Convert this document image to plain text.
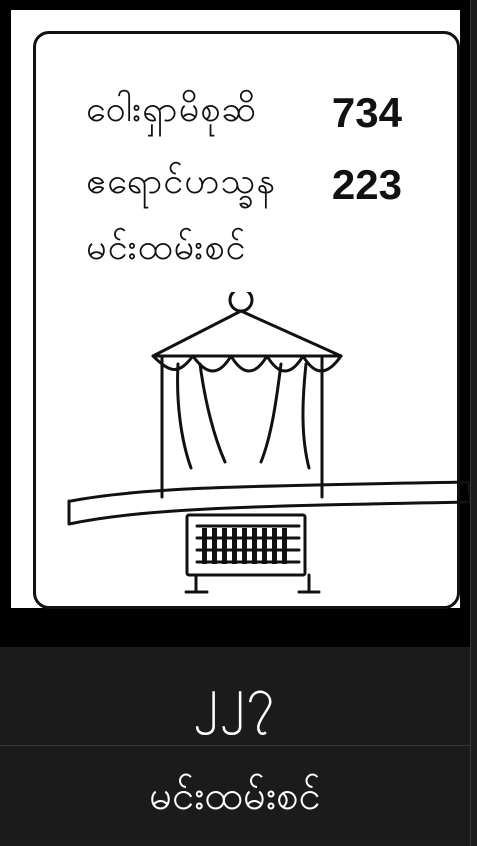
ဝေါးရှာမိစုဆိ 734
ဧရောင်ဟသ္ခန 223
မင်းထမ်းစင်
၂၂၇
မင်းထမ်းစင်
